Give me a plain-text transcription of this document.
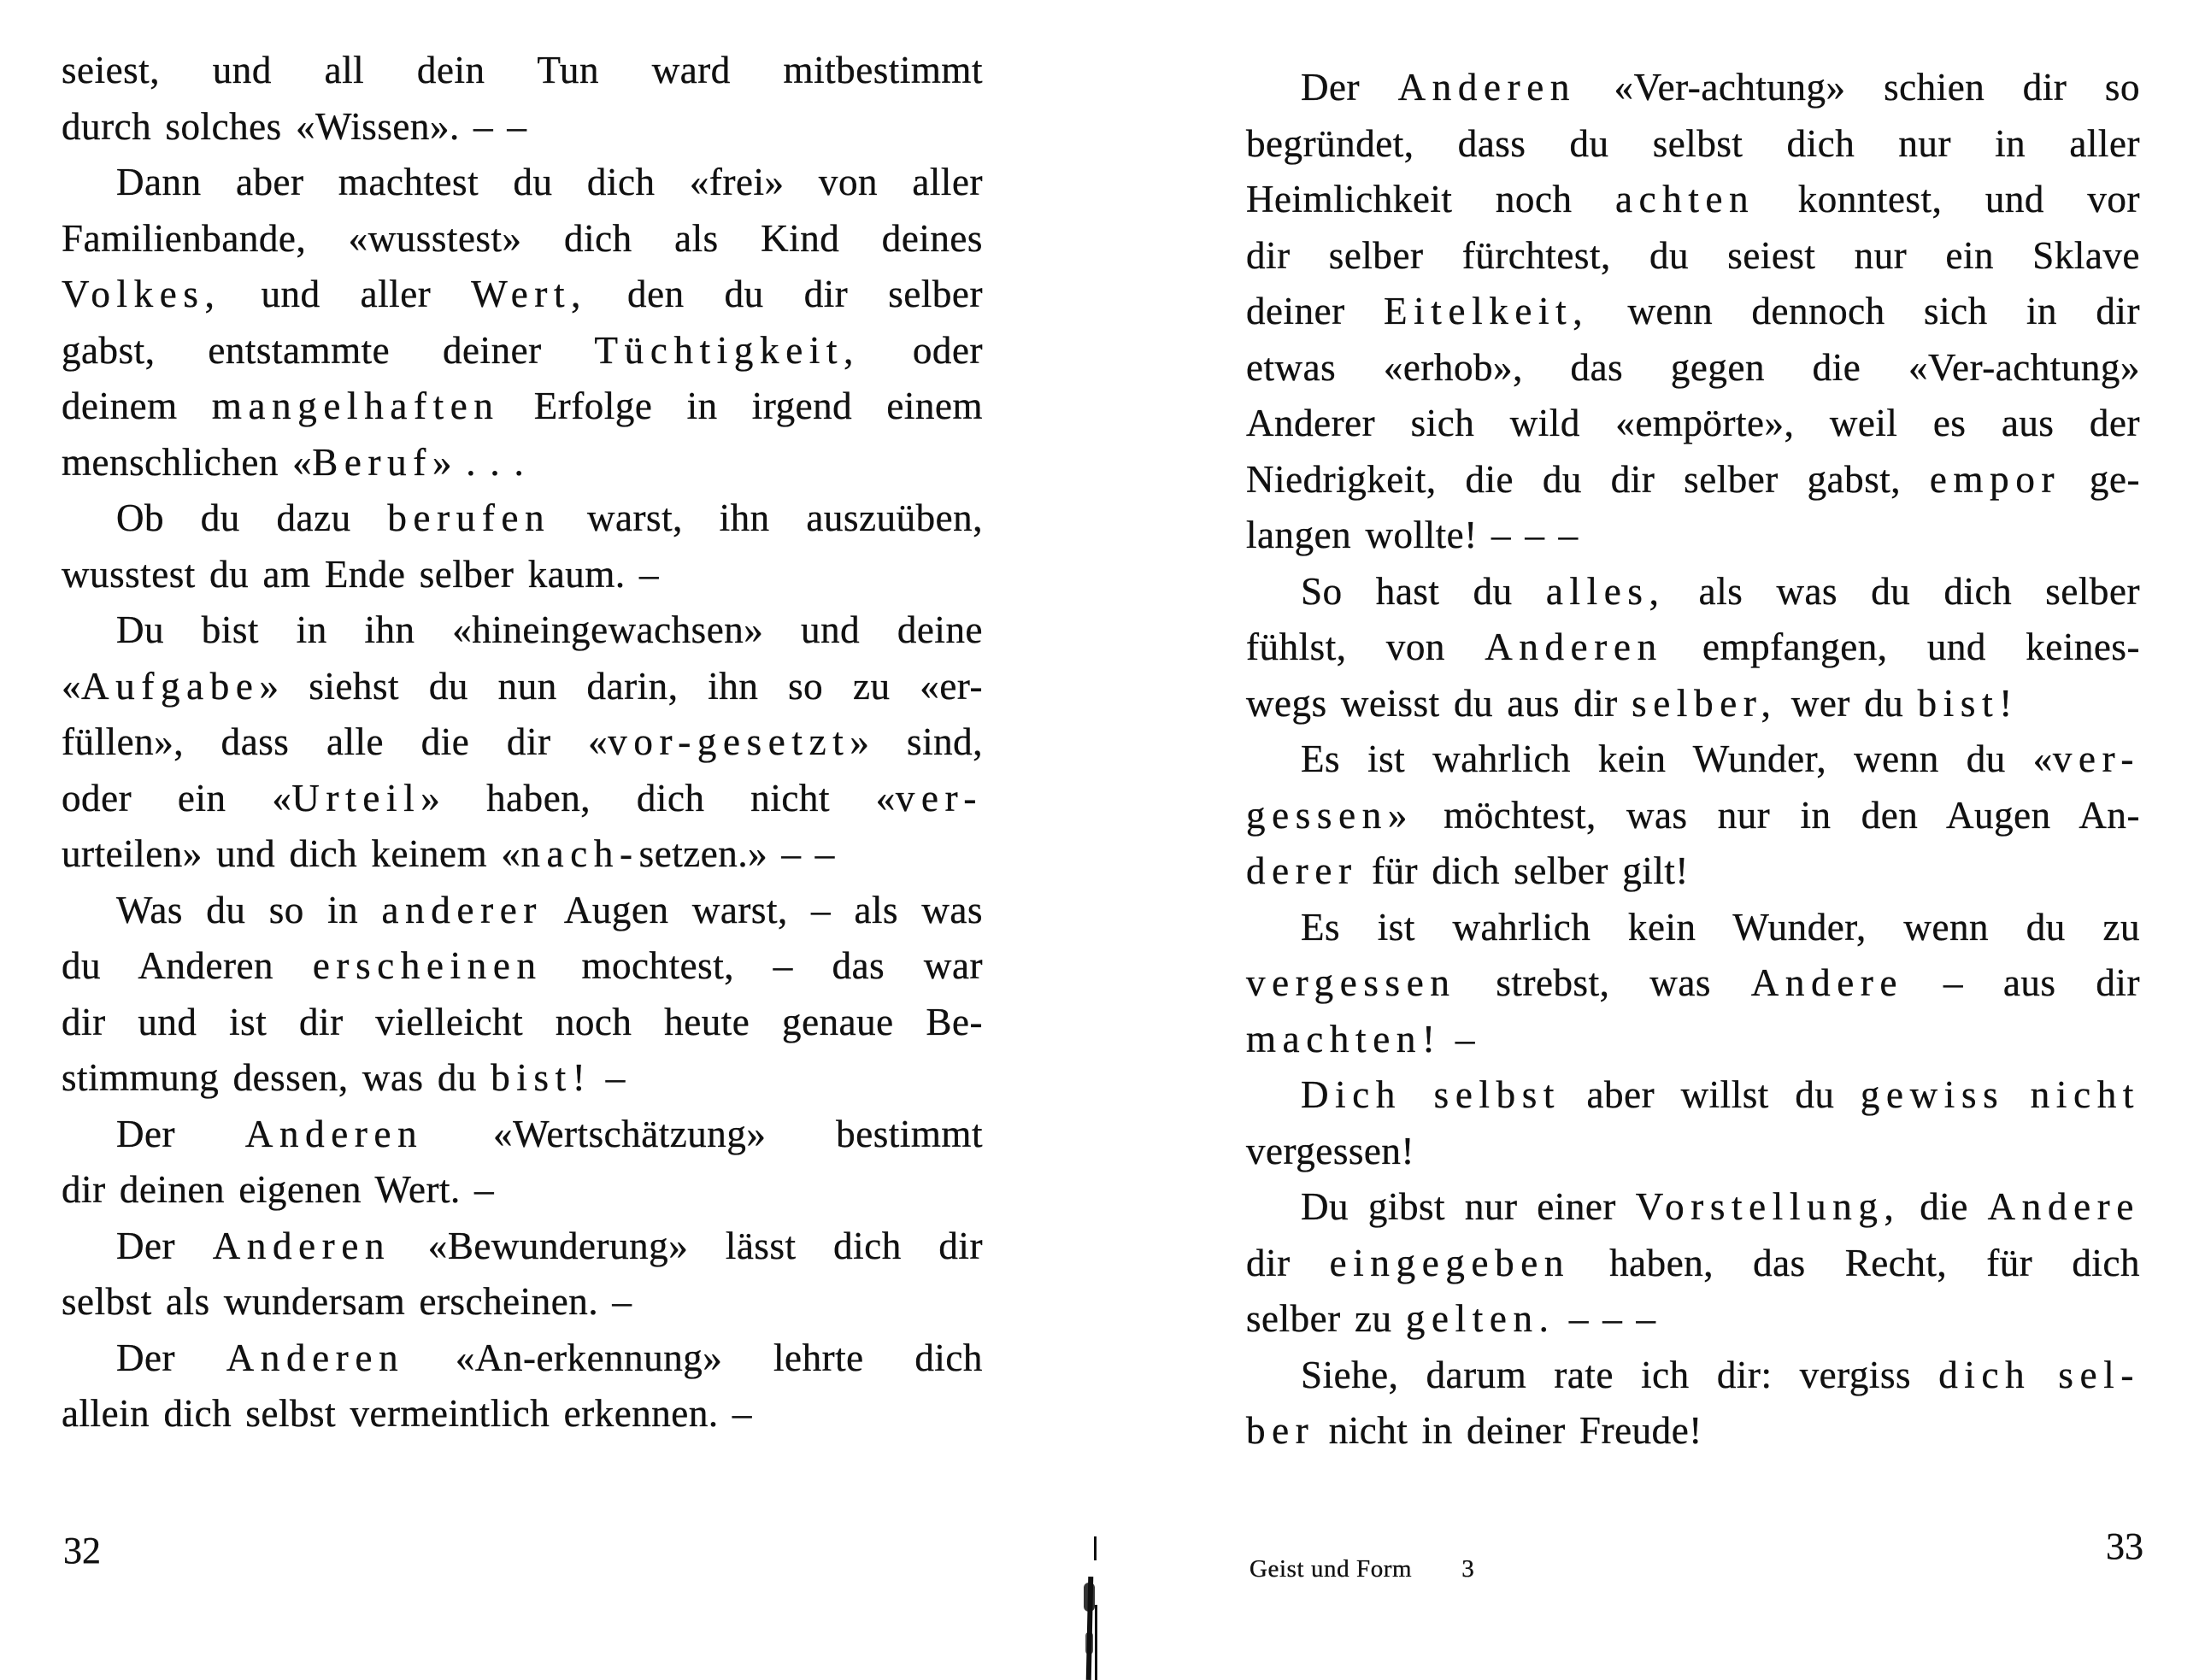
seiest, und all dein Tun ward mitbestimmt
durch solches «Wissen». – –
Dann aber machtest du dich «frei» von aller
Familienbande, «wusstest» dich als Kind deines
Volkes, und aller Wert, den du dir selber
gabst, entstammte deiner Tüchtigkeit, oder
deinem mangelhaften Erfolge in irgend einem
menschlichen «Beruf» . . .
Ob du dazu berufen warst, ihn auszuüben,
wusstest du am Ende selber kaum. –
Du bist in ihn «hineingewachsen» und deine
«Aufgabe» siehst du nun darin, ihn so zu «er-
füllen», dass alle die dir «vor-gesetzt» sind,
oder ein «Urteil» haben, dich nicht «ver-
urteilen» und dich keinem «nach-setzen.» – –
Was du so in anderer Augen warst, – als was
du Anderen erscheinen mochtest, – das war
dir und ist dir vielleicht noch heute genaue Be-
stimmung dessen, was du bist! –
Der Anderen «Wertschätzung» bestimmt
dir deinen eigenen Wert. –
Der Anderen «Bewunderung» lässt dich dir
selbst als wundersam erscheinen. –
Der Anderen «An-erkennung» lehrte dich
allein dich selbst vermeintlich erkennen. –
32
Der Anderen «Ver-achtung» schien dir so
begründet, dass du selbst dich nur in aller
Heimlichkeit noch achten konntest, und vor
dir selber fürchtest, du seiest nur ein Sklave
deiner Eitelkeit, wenn dennoch sich in dir
etwas «erhob», das gegen die «Ver-achtung»
Anderer sich wild «empörte», weil es aus der
Niedrigkeit, die du dir selber gabst, empor ge-
langen wollte! – – –
So hast du alles, als was du dich selber
fühlst, von Anderen empfangen, und keines-
wegs weisst du aus dir selber, wer du bist!
Es ist wahrlich kein Wunder, wenn du «ver-
gessen» möchtest, was nur in den Augen An-
derer für dich selber gilt!
Es ist wahrlich kein Wunder, wenn du zu
vergessen strebst, was Andere – aus dir
machten! –
Dich selbst aber willst du gewiss nicht
vergessen!
Du gibst nur einer Vorstellung, die Andere
dir eingegeben haben, das Recht, für dich
selber zu gelten. – – –
Siehe, darum rate ich dir: vergiss dich sel-
ber nicht in deiner Freude!
33
Geist und Form 3
